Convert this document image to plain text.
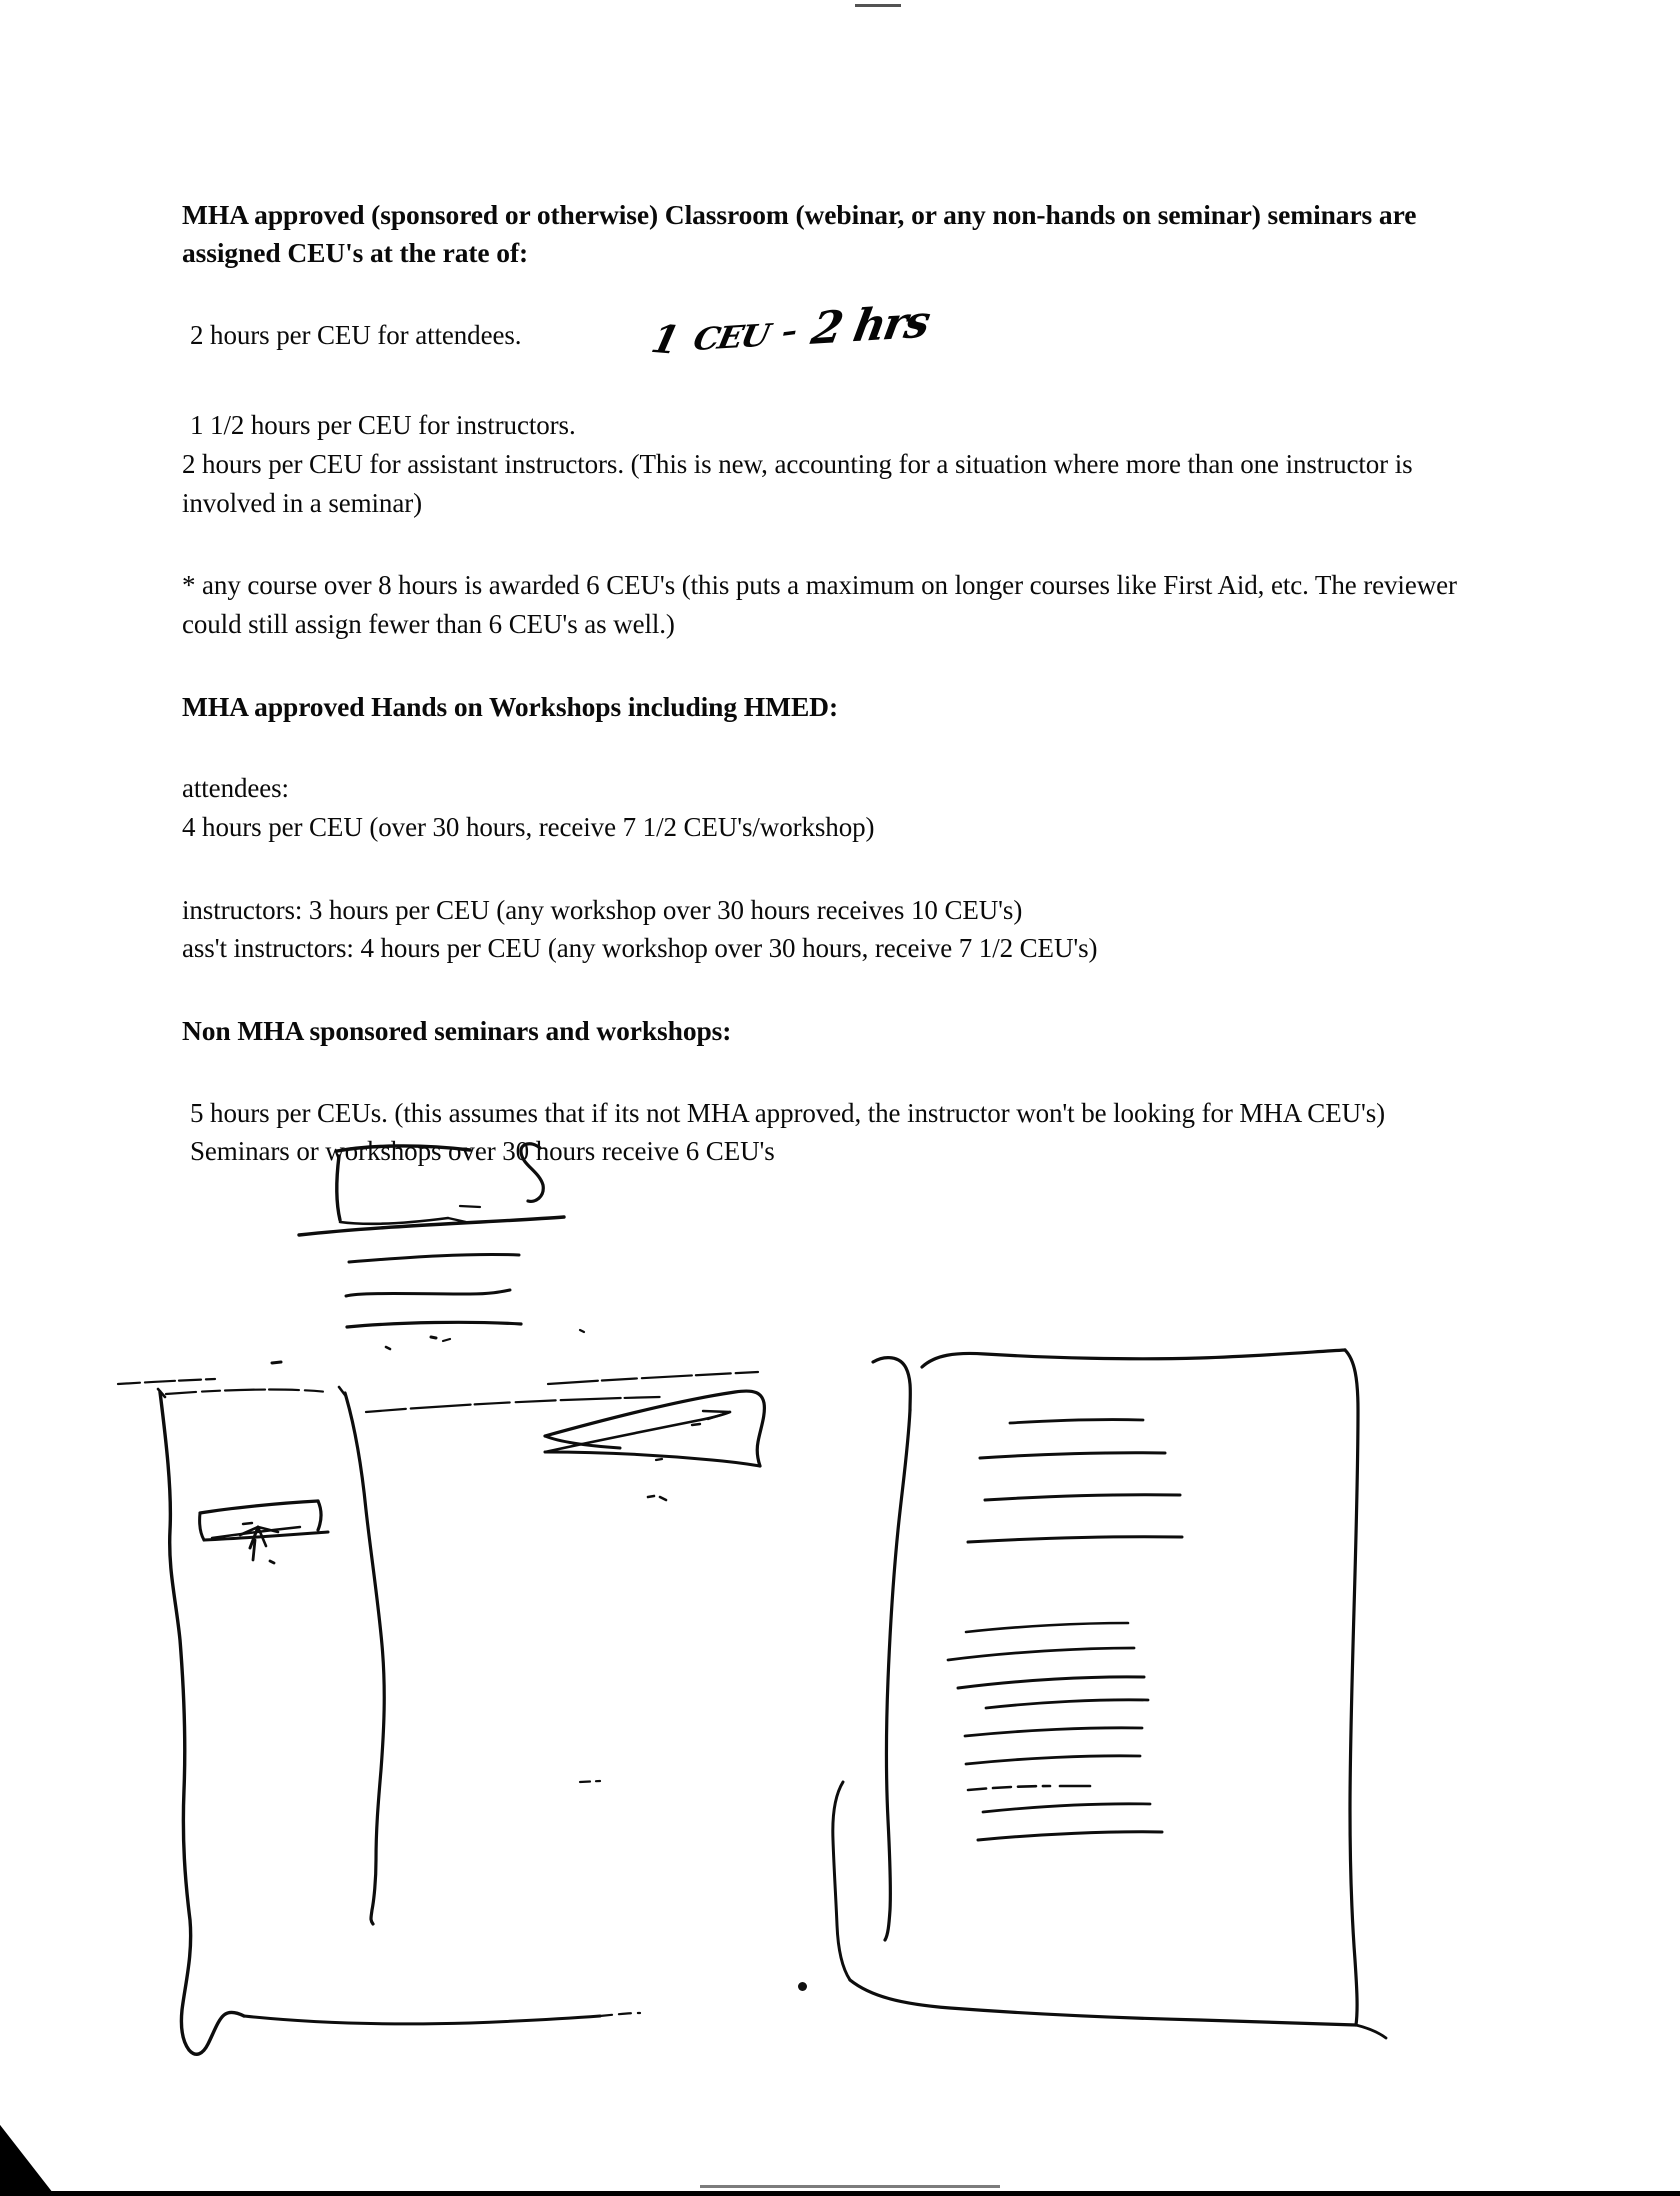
MHA approved (sponsored or otherwise) Classroom (webinar, or any non-hands on seminar) seminars are assigned CEU's at the rate of:
2 hours per CEU for attendees.	1 CEU – 2 hrs
1 1/2 hours per CEU for instructors.
2 hours per CEU for assistant instructors. (This is new, accounting for a situation where more than one instructor is involved in a seminar)
* any course over 8 hours is awarded 6 CEU's (this puts a maximum on longer courses like First Aid, etc. The reviewer could still assign fewer than 6 CEU's as well.)
MHA approved Hands on Workshops including HMED:
attendees:
4 hours per CEU (over 30 hours, receive 7 1/2 CEU's/workshop)
instructors: 3 hours per CEU (any workshop over 30 hours receives 10 CEU's)
ass't instructors: 4 hours per CEU (any workshop over 30 hours, receive 7 1/2 CEU's)
Non MHA sponsored seminars and workshops:
5 hours per CEUs. (this assumes that if its not MHA approved, the instructor won't be looking for MHA CEU's) Seminars or workshops over 30 hours receive 6 CEU's
